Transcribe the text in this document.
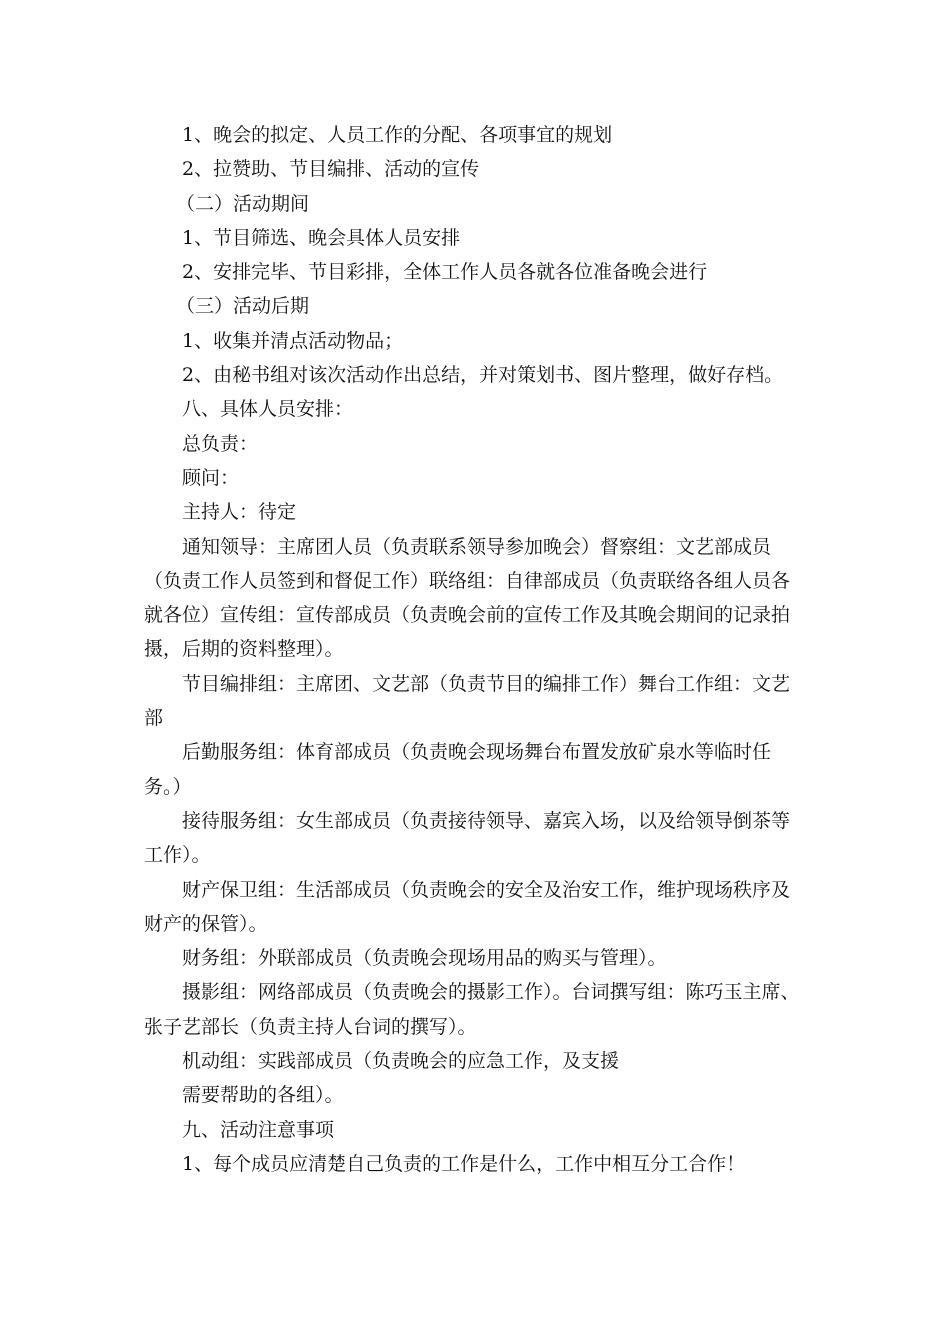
1、晚会的拟定、人员工作的分配、各项事宜的规划
2、拉赞助、节目编排、活动的宣传
（二）活动期间
1、节目筛选、晚会具体人员安排
2、安排完毕、节目彩排，全体工作人员各就各位准备晚会进行
（三）活动后期
1、收集并清点活动物品；
2、由秘书组对该次活动作出总结，并对策划书、图片整理，做好存档。
八、具体人员安排：
总负责：
顾问：
主持人：待定
通知领导：主席团人员（负责联系领导参加晚会）督察组：文艺部成员
（负责工作人员签到和督促工作）联络组：自律部成员（负责联络各组人员各
就各位）宣传组：宣传部成员（负责晚会前的宣传工作及其晚会期间的记录拍
摄，后期的资料整理）。
节目编排组：主席团、文艺部（负责节目的编排工作）舞台工作组：文艺
部
后勤服务组：体育部成员（负责晚会现场舞台布置发放矿泉水等临时任
务。）
接待服务组：女生部成员（负责接待领导、嘉宾入场，以及给领导倒茶等
工作）。
财产保卫组：生活部成员（负责晚会的安全及治安工作，维护现场秩序及
财产的保管）。
财务组：外联部成员（负责晚会现场用品的购买与管理）。
摄影组：网络部成员（负责晚会的摄影工作）。台词撰写组：陈巧玉主席、
张子艺部长（负责主持人台词的撰写）。
机动组：实践部成员（负责晚会的应急工作，及支援
需要帮助的各组）。
九、活动注意事项
1、每个成员应清楚自己负责的工作是什么，工作中相互分工合作！
